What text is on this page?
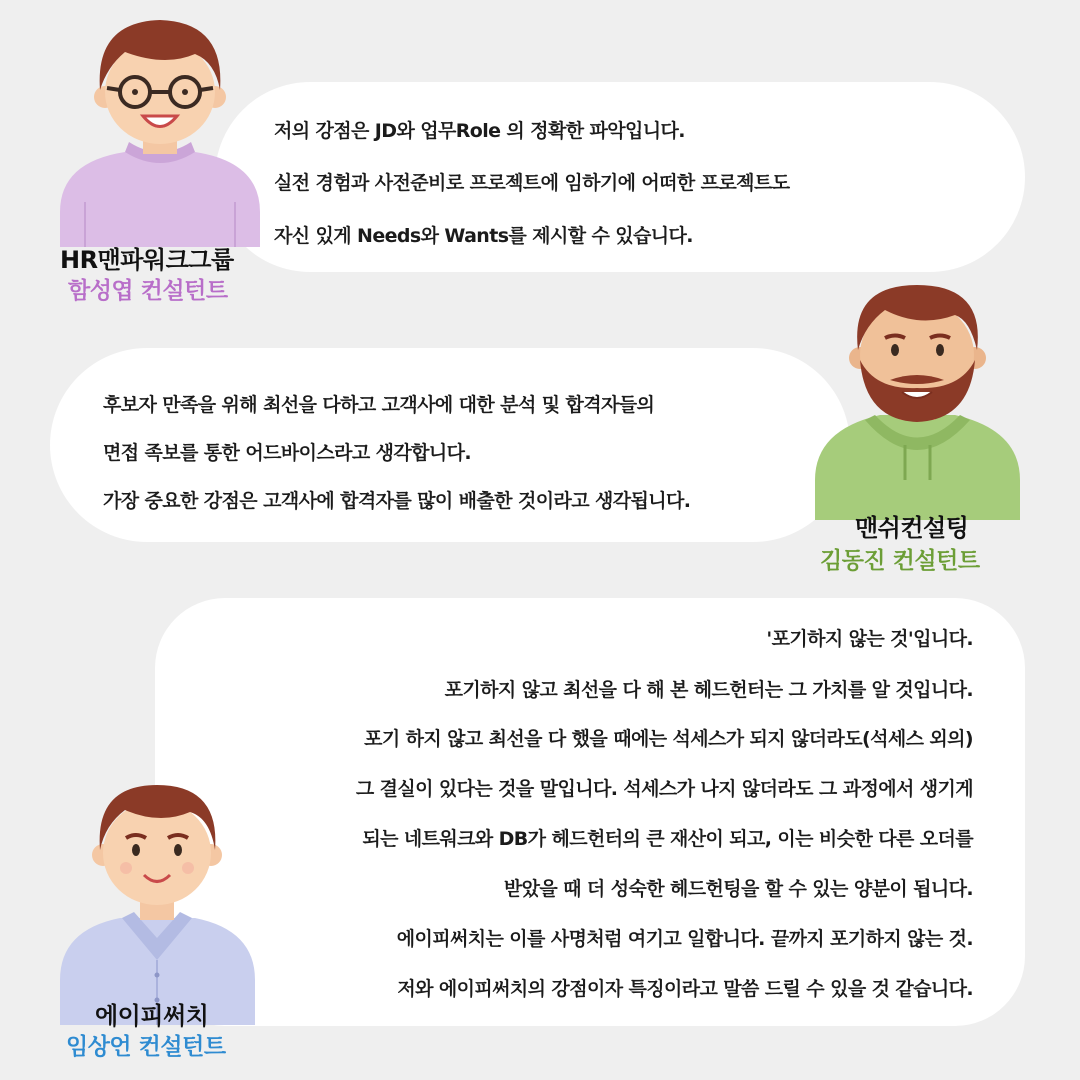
저의 강점은 JD와 업무Role 의 정확한 파악입니다.
실전 경험과 사전준비로 프로젝트에 임하기에 어떠한 프로젝트도
자신 있게 Needs와 Wants를 제시할 수 있습니다.
후보자 만족을 위해 최선을 다하고 고객사에 대한 분석 및 합격자들의
면접 족보를 통한 어드바이스라고 생각합니다.
가장 중요한 강점은 고객사에 합격자를 많이 배출한 것이라고 생각됩니다.
'포기하지 않는 것'입니다.
포기하지 않고 최선을 다 해 본 헤드헌터는 그 가치를 알 것입니다.
포기 하지 않고 최선을 다 했을 때에는 석세스가 되지 않더라도(석세스 외의)
그 결실이 있다는 것을 말입니다. 석세스가 나지 않더라도 그 과정에서 생기게
되는 네트워크와 DB가 헤드헌터의 큰 재산이 되고, 이는 비슷한 다른 오더를
받았을 때 더 성숙한 헤드헌팅을 할 수 있는 양분이 됩니다.
에이피써치는 이를 사명처럼 여기고 일합니다. 끝까지 포기하지 않는 것.
저와 에이피써치의 강점이자 특징이라고 말씀 드릴 수 있을 것 같습니다.
HR맨파워크그룹
함성엽 컨설턴트
맨쉬컨설팅
김동진 컨설턴트
에이피써치
임상언 컨설턴트
